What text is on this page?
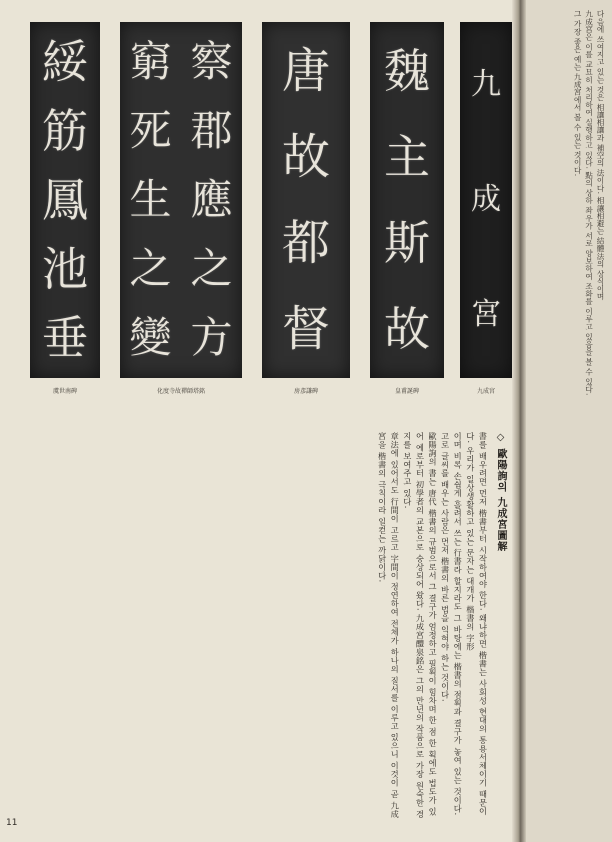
綏
筋
鳳
池
垂
察
郡
應
之
方
窮
死
生
之
變
唐
故
都
督
魏
主
斯
故
九
成
宮
虞世南碑	化度寺故禪師塔銘	房彥謙碑	皇甫誕碑	九成宮

◇ 歐陽詢의 九成宮圖解

書를 배우려면 먼저 楷書부터 시작하여야 한다. 왜냐하면 楷書는 사회성 현대의 통용서체이기 때문이다. 우리가 일상생활하고 있는 문자는 대개가 楷書의 字形

이며 비록 손쉽게 흘려서 쓰는 行書라 할지라도 그 바탕에는 楷書의 점획과 결구가 놓여 있는 것이다. 고로 글씨를 배우는 사람은 먼저 楷書의 바른 법을 익혀야 하는 것이다.

歐陽詢의 書는 唐代 楷書의 규범으로서 그 결구가 엄정하고 필획이 힘차며 한 점 한 획에도 법도가 있어 예로부터 初學者의 교본으로 숭상되어 왔다. 九成宮醴泉銘은 그의 만년의 작품으로 가장 원숙한 경지를 보여주고 있다.

章法에 있어서도 行間이 고르고 字間이 정연하여 전체가 하나의 질서를 이루고 있으니 이것이 곧 九成宮을 楷書의 극칙이라 일컫는 까닭이다.

다음에 쓰여지고 있는 것은 相讓相讓과 補空의 法이다. 相讓相避는 結體法의 상식이며

九成宮은 이를 교묘히 처리하여 실행하고 있다. 點의 상하 좌우가 서로 양보하여 조화를 이루고 있음을 볼 수 있다.

그 가장 좋은 예는 九成宮에서 볼 수 있는 것이다.

11
